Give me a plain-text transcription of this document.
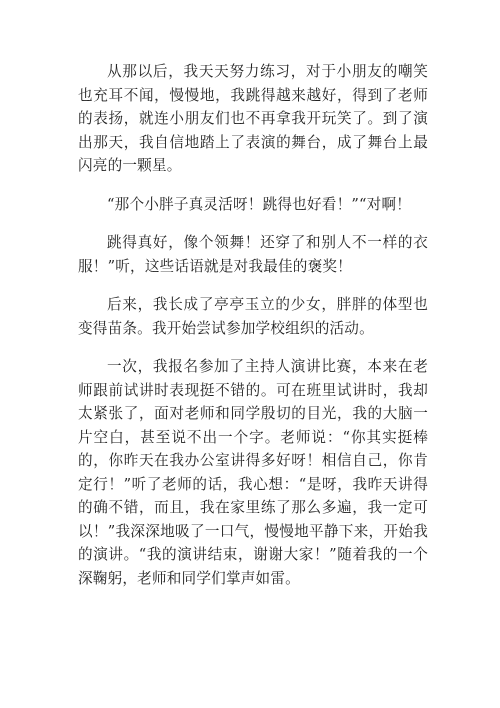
从那以后，我天天努力练习，对于小朋友的嘲笑也充耳不闻，慢慢地，我跳得越来越好，得到了老师的表扬，就连小朋友们也不再拿我开玩笑了。到了演出那天，我自信地踏上了表演的舞台，成了舞台上最闪亮的一颗星。

“那个小胖子真灵活呀！跳得也好看！”“对啊！

跳得真好，像个领舞！还穿了和别人不一样的衣服！”听，这些话语就是对我最佳的褒奖！

后来，我长成了亭亭玉立的少女，胖胖的体型也变得苗条。我开始尝试参加学校组织的活动。

一次，我报名参加了主持人演讲比赛，本来在老师跟前试讲时表现挺不错的。可在班里试讲时，我却太紧张了，面对老师和同学殷切的目光，我的大脑一片空白，甚至说不出一个字。老师说：“你其实挺棒的，你昨天在我办公室讲得多好呀！相信自己，你肯定行！”听了老师的话，我心想：“是呀，我昨天讲得的确不错，而且，我在家里练了那么多遍，我一定可以！”我深深地吸了一口气，慢慢地平静下来，开始我的演讲。“我的演讲结束，谢谢大家！”随着我的一个深鞠躬，老师和同学们掌声如雷。
